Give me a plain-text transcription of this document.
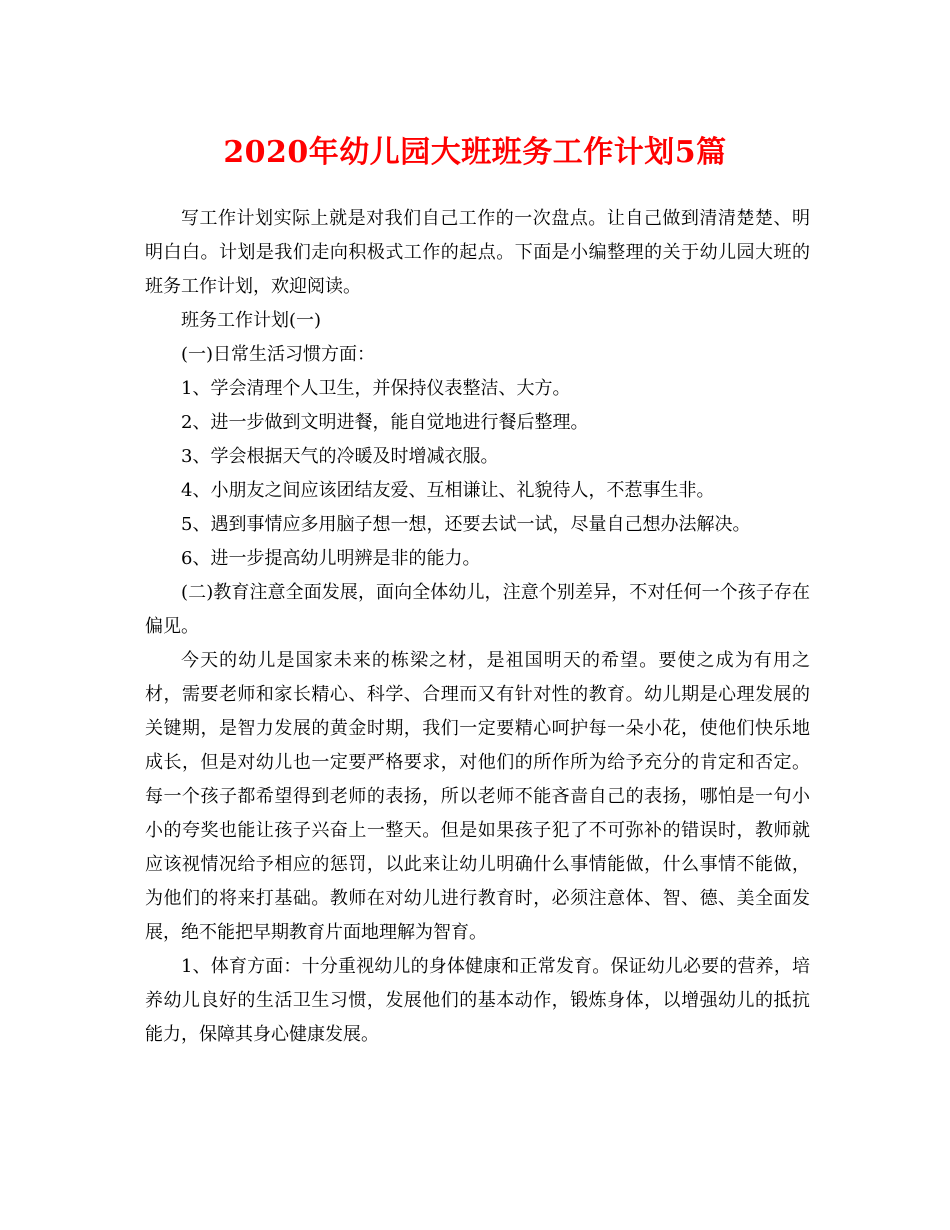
2020年幼儿园大班班务工作计划5篇

写工作计划实际上就是对我们自己工作的一次盘点。让自己做到清清楚楚、明明白白。计划是我们走向积极式工作的起点。下面是小编整理的关于幼儿园大班的班务工作计划，欢迎阅读。

班务工作计划(一)

(一)日常生活习惯方面：

1、学会清理个人卫生，并保持仪表整洁、大方。

2、进一步做到文明进餐，能自觉地进行餐后整理。

3、学会根据天气的冷暖及时增减衣服。

4、小朋友之间应该团结友爱、互相谦让、礼貌待人，不惹事生非。

5、遇到事情应多用脑子想一想，还要去试一试，尽量自己想办法解决。

6、进一步提高幼儿明辨是非的能力。

(二)教育注意全面发展，面向全体幼儿，注意个别差异，不对任何一个孩子存在偏见。

今天的幼儿是国家未来的栋梁之材，是祖国明天的希望。要使之成为有用之材，需要老师和家长精心、科学、合理而又有针对性的教育。幼儿期是心理发展的关键期，是智力发展的黄金时期，我们一定要精心呵护每一朵小花，使他们快乐地成长，但是对幼儿也一定要严格要求，对他们的所作所为给予充分的肯定和否定。每一个孩子都希望得到老师的表扬，所以老师不能吝啬自己的表扬，哪怕是一句小小的夸奖也能让孩子兴奋上一整天。但是如果孩子犯了不可弥补的错误时，教师就应该视情况给予相应的惩罚，以此来让幼儿明确什么事情能做，什么事情不能做，为他们的将来打基础。教师在对幼儿进行教育时，必须注意体、智、德、美全面发展，绝不能把早期教育片面地理解为智育。

1、体育方面：十分重视幼儿的身体健康和正常发育。保证幼儿必要的营养，培养幼儿良好的生活卫生习惯，发展他们的基本动作，锻炼身体，以增强幼儿的抵抗能力，保障其身心健康发展。
